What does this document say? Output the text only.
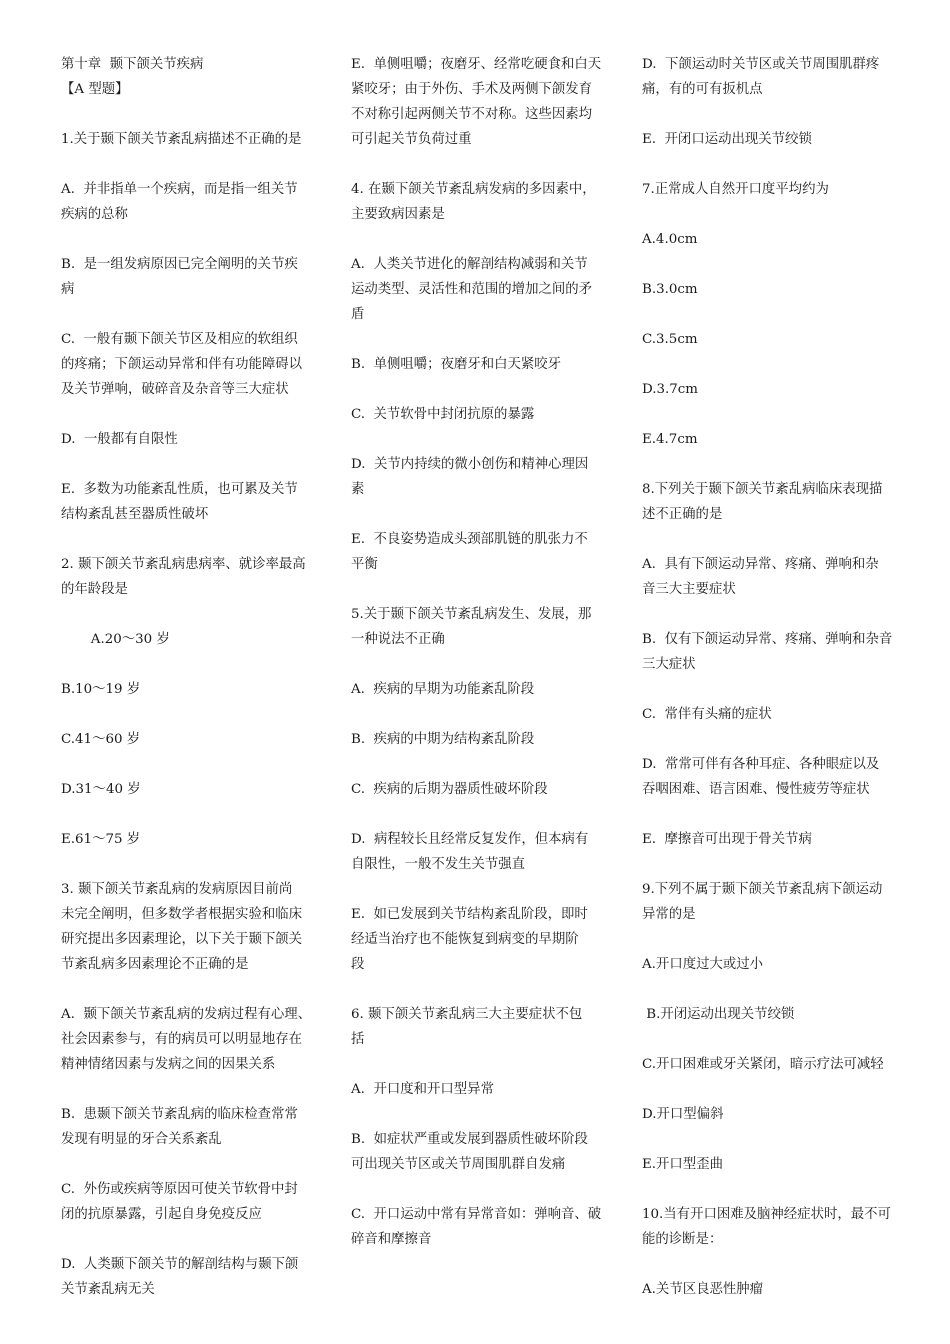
第十章  颞下颌关节疾病

【A 型题】

1.关于颞下颌关节紊乱病描述不正确的是

A.  并非指单一个疾病，而是指一组关节

疾病的总称

B.  是一组发病原因已完全阐明的关节疾

病

C.  一般有颞下颌关节区及相应的软组织

的疼痛；下颌运动异常和伴有功能障碍以

及关节弹响，破碎音及杂音等三大症状

D.  一般都有自限性

E.  多数为功能紊乱性质，也可累及关节

结构紊乱甚至器质性破坏

2. 颞下颌关节紊乱病患病率、就诊率最高

的年龄段是

A.20～30 岁

B.10～19 岁

C.41～60 岁

D.31～40 岁

E.61～75 岁

3. 颞下颌关节紊乱病的发病原因目前尚

未完全阐明，但多数学者根据实验和临床

研究提出多因素理论，以下关于颞下颌关

节紊乱病多因素理论不正确的是

A.  颞下颌关节紊乱病的发病过程有心理、

社会因素参与，有的病员可以明显地存在

精神情绪因素与发病之间的因果关系

B.  患颞下颌关节紊乱病的临床检查常常

发现有明显的牙合关系紊乱

C.  外伤或疾病等原因可使关节软骨中封

闭的抗原暴露，引起自身免疫反应

D.  人类颞下颌关节的解剖结构与颞下颌

关节紊乱病无关

E.  单侧咀嚼；夜磨牙、经常吃硬食和白天

紧咬牙；由于外伤、手术及两侧下颌发育

不对称引起两侧关节不对称。这些因素均

可引起关节负荷过重

4. 在颞下颌关节紊乱病发病的多因素中，

主要致病因素是

A.  人类关节进化的解剖结构减弱和关节

运动类型、灵活性和范围的增加之间的矛

盾

B.  单侧咀嚼；夜磨牙和白天紧咬牙

C.  关节软骨中封闭抗原的暴露

D.  关节内持续的微小创伤和精神心理因

素

E.  不良姿势造成头颈部肌链的肌张力不

平衡

5.关于颞下颌关节紊乱病发生、发展，那

一种说法不正确

A.  疾病的早期为功能紊乱阶段

B.  疾病的中期为结构紊乱阶段

C.  疾病的后期为器质性破坏阶段

D.  病程较长且经常反复发作，但本病有

自限性，一般不发生关节强直

E.  如已发展到关节结构紊乱阶段，即时

经适当治疗也不能恢复到病变的早期阶

段

6. 颞下颌关节紊乱病三大主要症状不包

括

A.  开口度和开口型异常

B.  如症状严重或发展到器质性破坏阶段

可出现关节区或关节周围肌群自发痛

C.  开口运动中常有异常音如：弹响音、破

碎音和摩擦音

D.  下颌运动时关节区或关节周围肌群疼

痛，有的可有扳机点

E.  开闭口运动出现关节绞锁

7.正常成人自然开口度平均约为

A.4.0cm

B.3.0cm

C.3.5cm

D.3.7cm

E.4.7cm

8.下列关于颞下颌关节紊乱病临床表现描

述不正确的是

A.  具有下颌运动异常、疼痛、弹响和杂

音三大主要症状

B.  仅有下颌运动异常、疼痛、弹响和杂音

三大症状

C.  常伴有头痛的症状

D.  常常可伴有各种耳症、各种眼症以及

吞咽困难、语言困难、慢性疲劳等症状

E.  摩擦音可出现于骨关节病

9.下列不属于颞下颌关节紊乱病下颌运动

异常的是

A.开口度过大或过小

B.开闭运动出现关节绞锁

C.开口困难或牙关紧闭，暗示疗法可减轻

D.开口型偏斜

E.开口型歪曲

10.当有开口困难及脑神经症状时，最不可

能的诊断是：

A.关节区良恶性肿瘤
